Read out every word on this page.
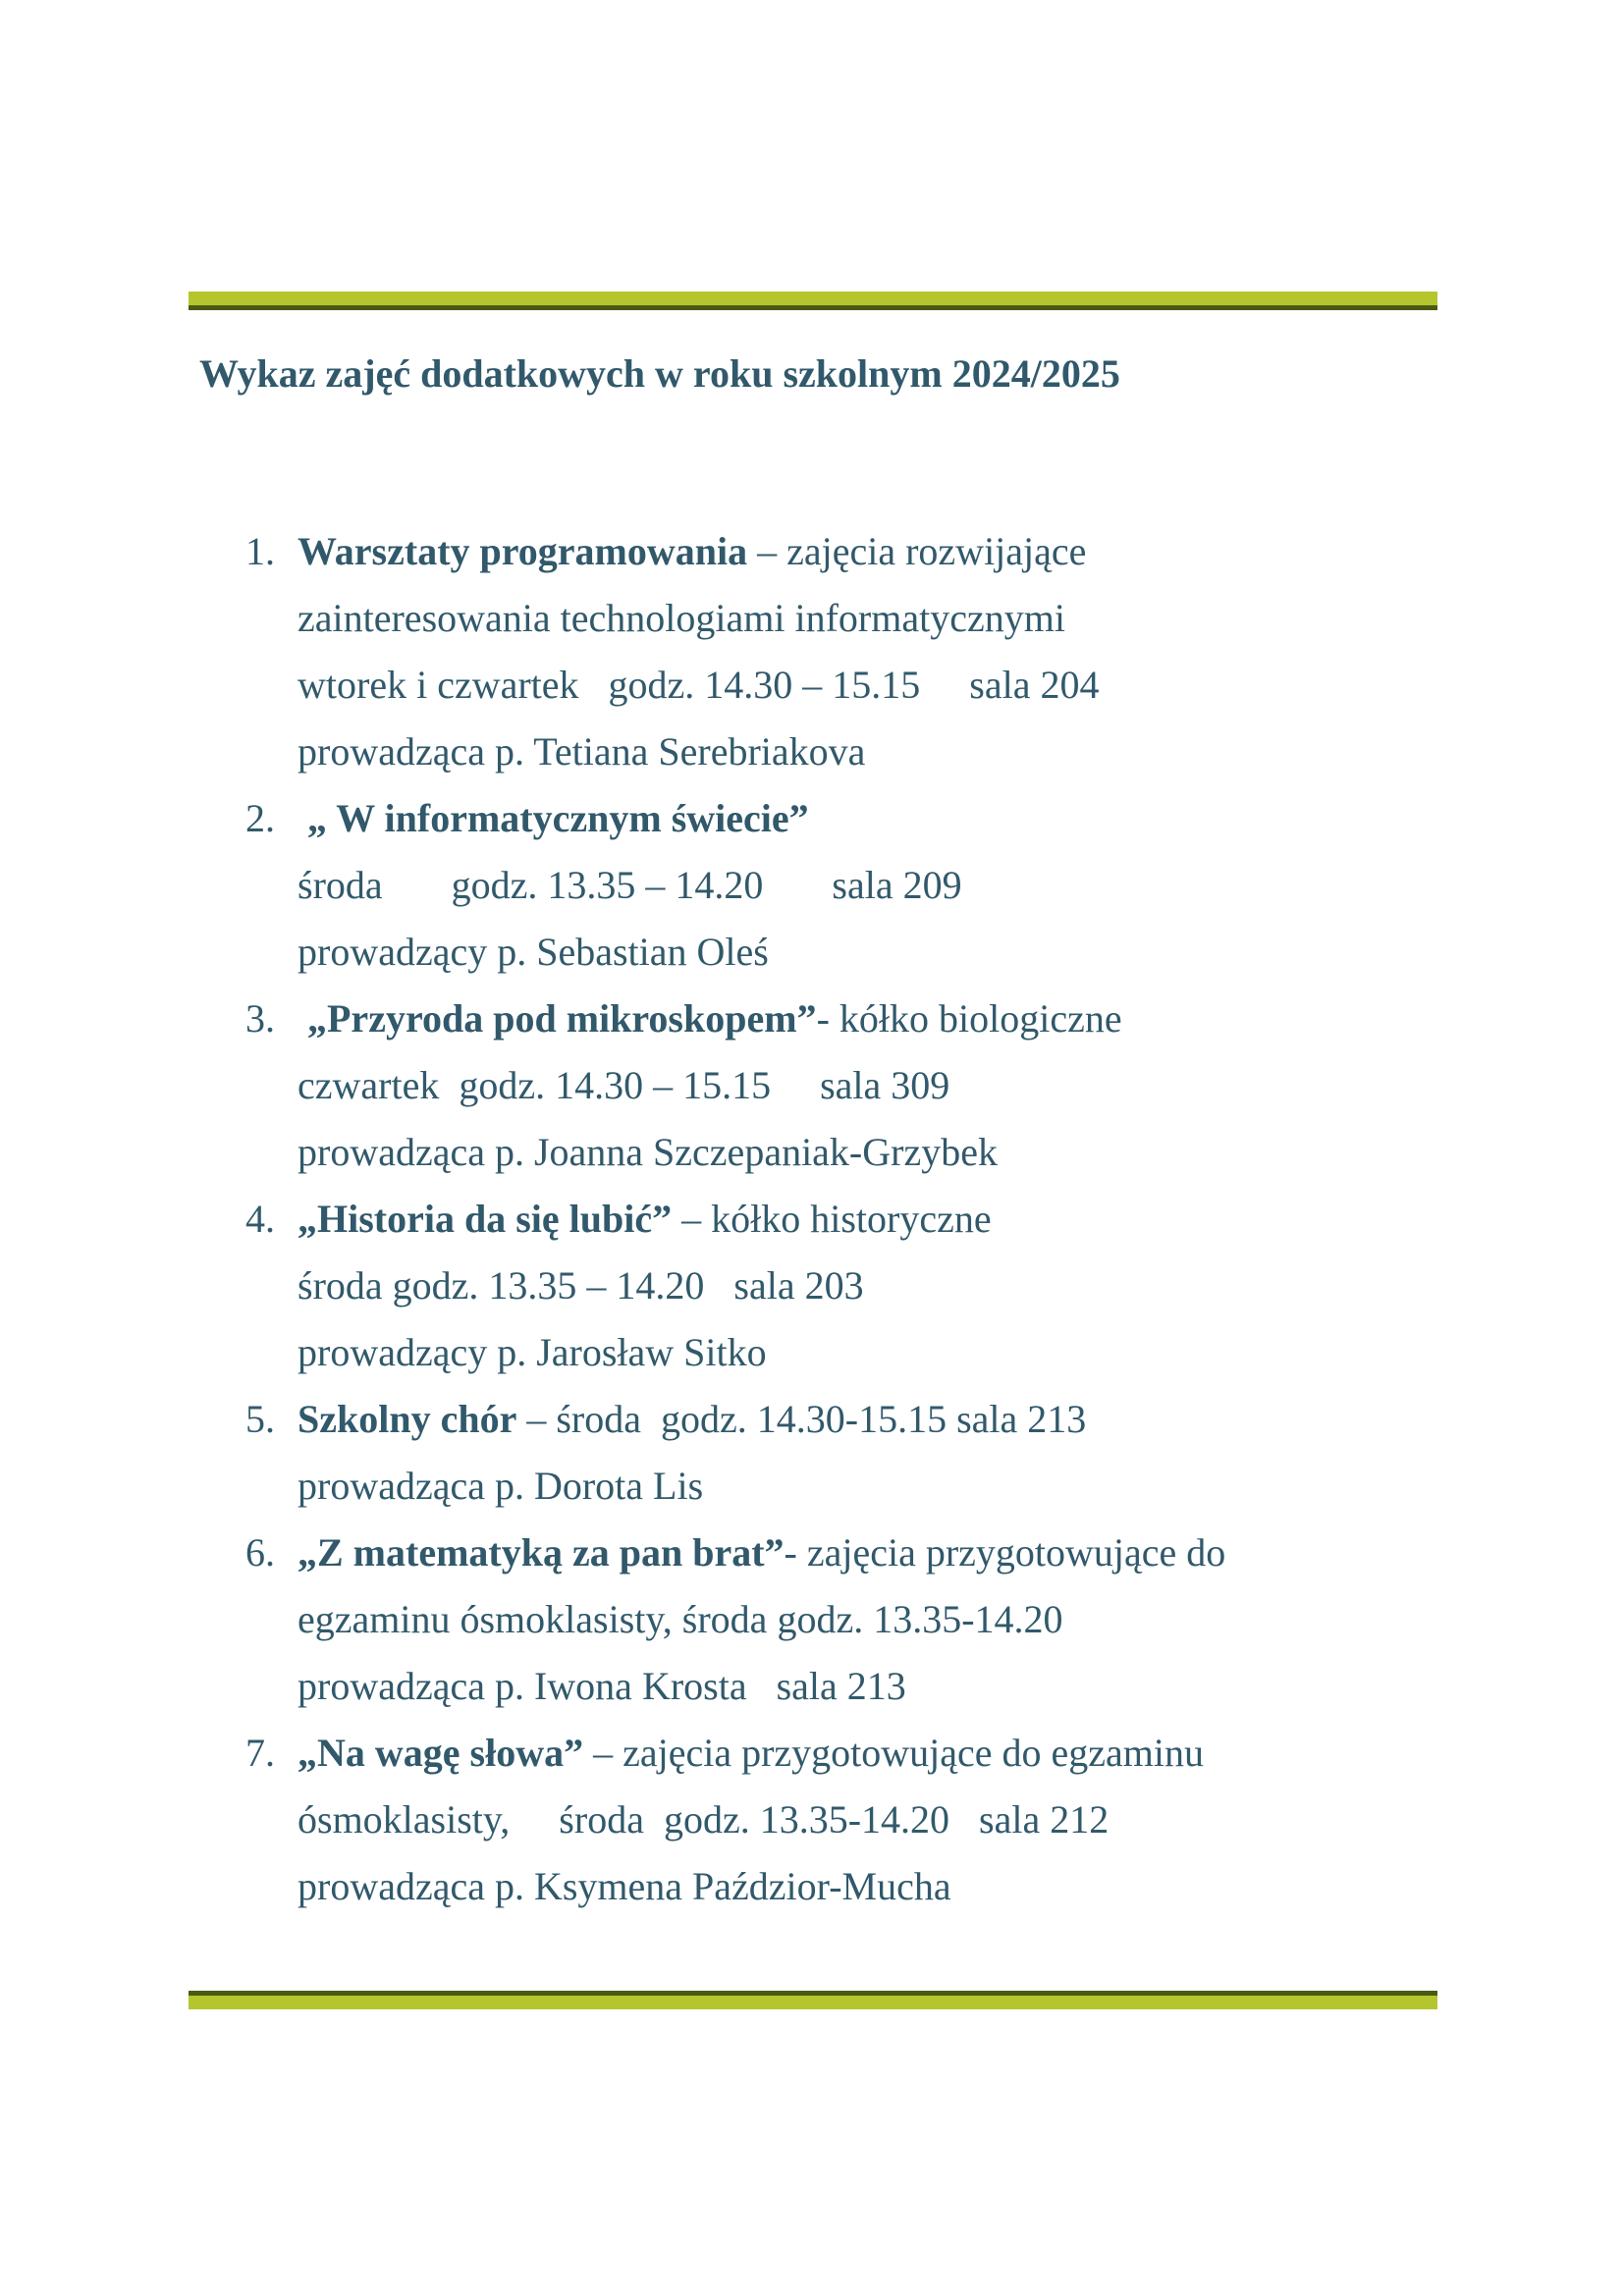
Wykaz zajęć dodatkowych w roku szkolnym 2024/2025
1. Warsztaty programowania – zajęcia rozwijające
zainteresowania technologiami informatycznymi
wtorek i czwartek   godz. 14.30 – 15.15     sala 204
prowadząca p. Tetiana Serebriakova
2. „ W informatycznym świecie”
środa       godz. 13.35 – 14.20       sala 209
prowadzący p. Sebastian Oleś
3. „Przyroda pod mikroskopem”- kółko biologiczne
czwartek  godz. 14.30 – 15.15     sala 309
prowadząca p. Joanna Szczepaniak-Grzybek
4. „Historia da się lubić” – kółko historyczne
środa godz. 13.35 – 14.20   sala 203
prowadzący p. Jarosław Sitko
5. Szkolny chór – środa  godz. 14.30-15.15 sala 213
prowadząca p. Dorota Lis
6. „Z matematyką za pan brat”- zajęcia przygotowujące do
egzaminu ósmoklasisty, środa godz. 13.35-14.20
prowadząca p. Iwona Krosta   sala 213
7. „Na wagę słowa” – zajęcia przygotowujące do egzaminu
ósmoklasisty,     środa  godz. 13.35-14.20   sala 212
prowadząca p. Ksymena Paździor-Mucha
